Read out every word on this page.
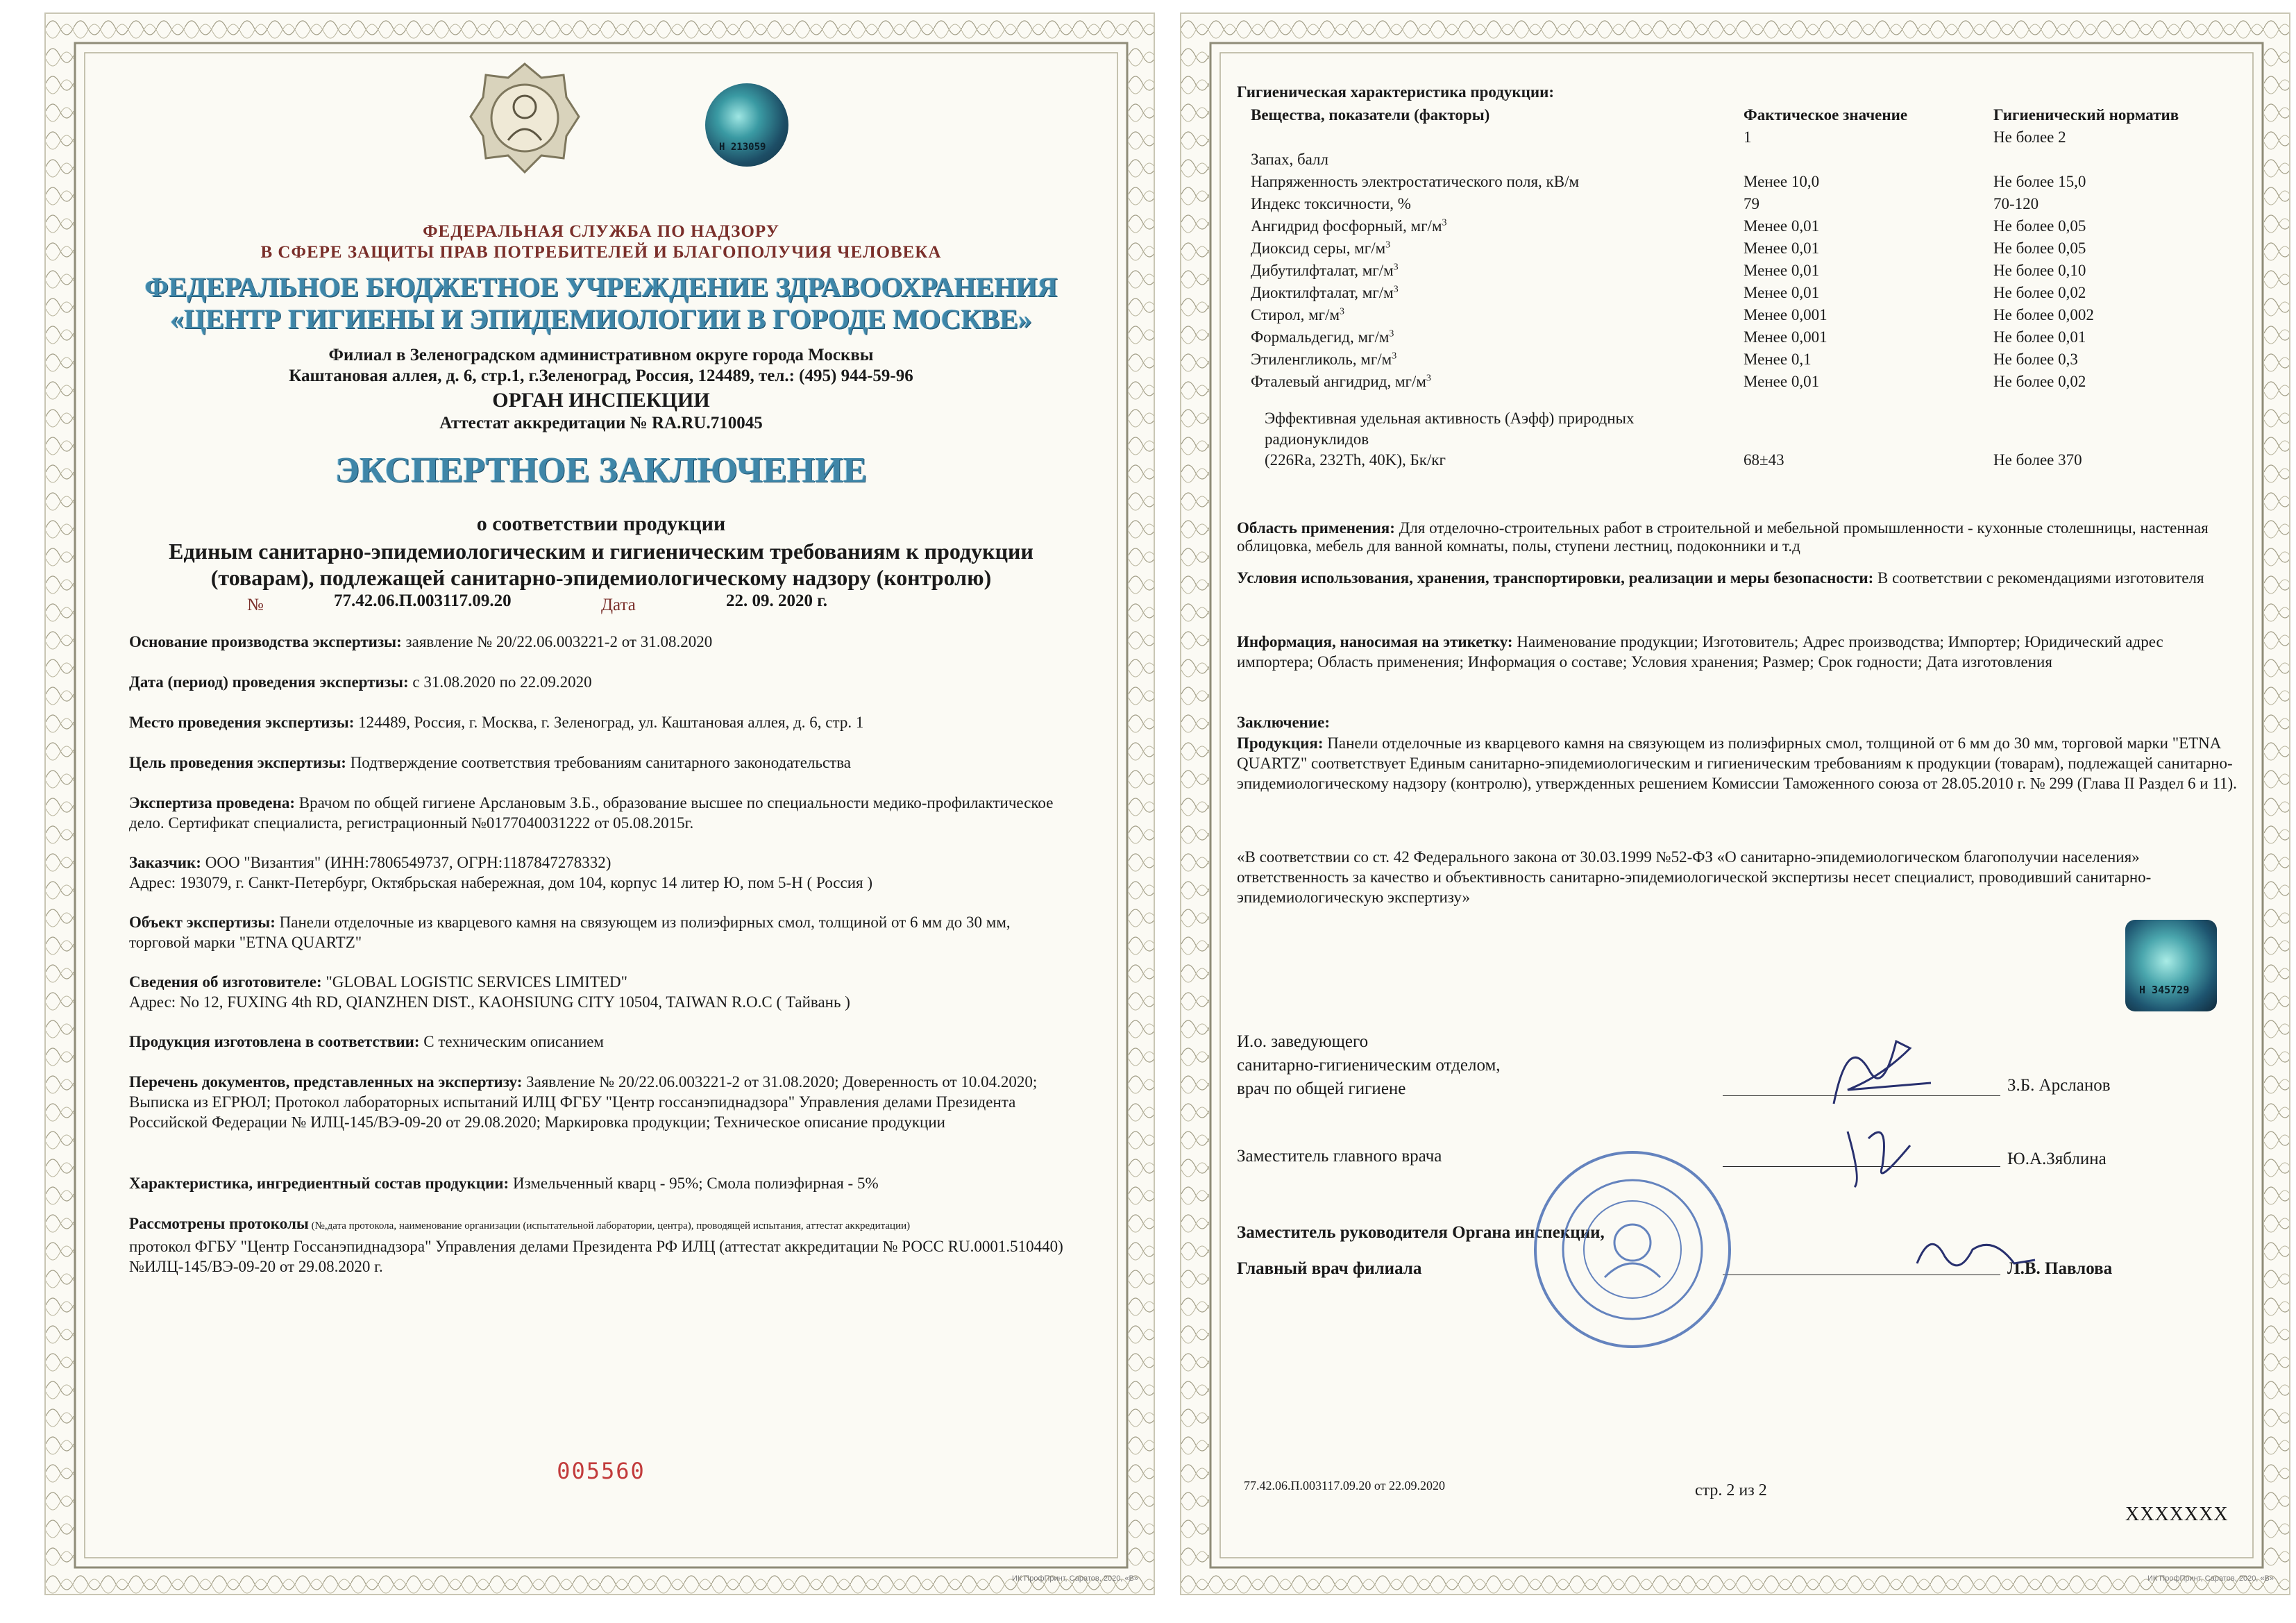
Н 213059
ФЕДЕРАЛЬНАЯ СЛУЖБА ПО НАДЗОРУ
В СФЕРЕ ЗАЩИТЫ ПРАВ ПОТРЕБИТЕЛЕЙ И БЛАГОПОЛУЧИЯ ЧЕЛОВЕКА
ФЕДЕРАЛЬНОЕ БЮДЖЕТНОЕ УЧРЕЖДЕНИЕ ЗДРАВООХРАНЕНИЯ
«ЦЕНТР ГИГИЕНЫ И ЭПИДЕМИОЛОГИИ В ГОРОДЕ МОСКВЕ»
Филиал в Зеленоградском административном округе города Москвы
Каштановая аллея, д. 6, стр.1, г.Зеленоград, Россия, 124489, тел.: (495) 944-59-96
ОРГАН ИНСПЕКЦИИ
Аттестат аккредитации № RA.RU.710045
ЭКСПЕРТНОЕ ЗАКЛЮЧЕНИЕ
о соответствии продукции
Единым санитарно-эпидемиологическим и гигиеническим требованиям к продукции
(товарам), подлежащей санитарно-эпидемиологическому надзору (контролю)
№	77.42.06.П.003117.09.20	Дата	22. 09. 2020 г.
Основание производства экспертизы: заявление № 20/22.06.003221-2 от 31.08.2020
Дата (период) проведения экспертизы: с 31.08.2020 по 22.09.2020
Место проведения экспертизы: 124489, Россия, г. Москва, г. Зеленоград, ул. Каштановая аллея, д. 6, стр. 1
Цель проведения экспертизы: Подтверждение соответствия требованиям санитарного законодательства
Экспертиза проведена: Врачом по общей гигиене Арслановым З.Б., образование высшее по специальности медико-профилактическое дело. Сертификат специалиста, регистрационный №0177040031222 от 05.08.2015г.
Заказчик: ООО "Византия" (ИНН:7806549737, ОГРН:1187847278332)
Адрес: 193079, г. Санкт-Петербург, Октябрьская набережная, дом 104, корпус 14 литер Ю, пом 5-Н ( Россия )
Объект экспертизы: Панели отделочные из кварцевого камня на связующем из полиэфирных смол, толщиной от 6 мм до 30 мм, торговой марки "ETNA QUARTZ"
Сведения об изготовителе: "GLOBAL LOGISTIC SERVICES LIMITED"
Адрес: No 12, FUXING 4th RD, QIANZHEN DIST., KAOHSIUNG CITY 10504, TAIWAN R.O.C ( Тайвань )
Продукция изготовлена в соответствии: С техническим описанием
Перечень документов, представленных на экспертизу: Заявление № 20/22.06.003221-2 от 31.08.2020; Доверенность от 10.04.2020; Выписка из ЕГРЮЛ; Протокол лабораторных испытаний ИЛЦ ФГБУ "Центр госсанэпиднадзора" Управления делами Президента Российской Федерации № ИЛЦ-145/ВЭ-09-20 от 29.08.2020; Маркировка продукции; Техническое описание продукции
Характеристика, ингредиентный состав продукции: Измельченный кварц - 95%; Смола полиэфирная - 5%
Рассмотрены протоколы (№,дата протокола, наименование организации (испытательной лаборатории, центра), проводящей испытания, аттестат аккредитации)
протокол ФГБУ "Центр Госсанэпиднадзора" Управления делами Президента РФ ИЛЦ (аттестат аккредитации № РОСС RU.0001.510440) №ИЛЦ-145/ВЭ-09-20 от 29.08.2020 г.
005560
ИК ПрофПринт, Саратов, 2020, «В»
Гигиеническая характеристика продукции:
Вещества, показатели (факторы)	Фактическое значение	Гигиенический норматив
Запах, балл	1	Не более 2
Напряженность электростатического поля, кВ/м	Менее 10,0	Не более 15,0
Индекс токсичности, %	79	70-120
Ангидрид фосфорный, $мг/м^3$	Менее 0,01	Не более 0,05
Диоксид серы, $мг/м^3$	Менее 0,01	Не более 0,05
Дибутилфталат, $мг/м^3$	Менее 0,01	Не более 0,10
Диоктилфталат, $мг/м^3$	Менее 0,01	Не более 0,02
Стирол, $мг/м^3$	Менее 0,001	Не более 0,002
Формальдегид, $мг/м^3$	Менее 0,001	Не более 0,01
Этиленгликоль, $мг/м^3$	Менее 0,1	Не более 0,3
Фталевый ангидрид, $мг/м^3$	Менее 0,01	Не более 0,02
Эффективная удельная активность (Аэфф) природных
радионуклидов
(226Ra, 232Th, 40K), Бк/кг	68±43	Не более 370
Область применения: Для отделочно-строительных работ в строительной и мебельной промышленности - кухонные столешницы, настенная облицовка, мебель для ванной комнаты, полы, ступени лестниц, подоконники и т.д
Условия использования, хранения, транспортировки, реализации и меры безопасности: В соответствии с рекомендациями изготовителя
Информация, наносимая на этикетку: Наименование продукции; Изготовитель; Адрес производства; Импортер; Юридический адрес импортера; Область применения; Информация о составе; Условия хранения; Размер; Срок годности; Дата изготовления
Заключение:
Продукция: Панели отделочные из кварцевого камня на связующем из полиэфирных смол, толщиной от 6 мм до 30 мм, торговой марки "ETNA QUARTZ" соответствует Единым санитарно-эпидемиологическим и гигиеническим требованиям к продукции (товарам), подлежащей санитарно-эпидемиологическому надзору (контролю), утвержденных решением Комиссии Таможенного союза от 28.05.2010 г. № 299 (Глава II Раздел 6 и 11).
«В соответствии со ст. 42 Федерального закона от 30.03.1999 №52-ФЗ «О санитарно-эпидемиологическом благополучии населения» ответственность за качество и объективность санитарно-эпидемиологической экспертизы несет специалист, проводивший санитарно-эпидемиологическую экспертизу»
Н 345729
И.о. заведующего
санитарно-гигиеническим отделом,
врач по общей гигиене	З.Б. Арсланов
Заместитель главного врача	Ю.А.Зяблина
Заместитель руководителя Органа инспекции,
Главный врач филиала	Л.В. Павлова
77.42.06.П.003117.09.20 от 22.09.2020	стр. 2 из 2
XXXXXXX
ИК ПрофПринт, Саратов, 2020, «В»
